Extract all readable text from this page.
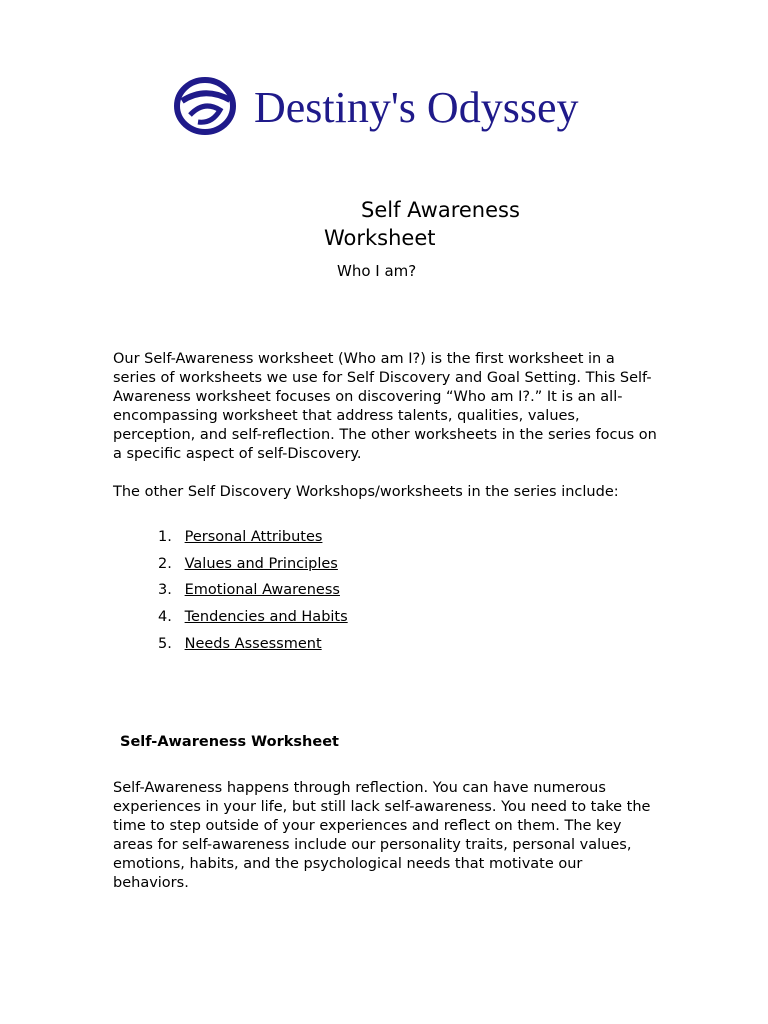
Destiny's Odyssey
Self Awareness
Worksheet

Who I am?

Our Self-Awareness worksheet (Who am I?) is the first worksheet in a series of worksheets we use for Self Discovery and Goal Setting. This Self-Awareness worksheet focuses on discovering “Who am I?.” It is an all-encompassing worksheet that address talents, qualities, values, perception, and self-reflection. The other worksheets in the series focus on a specific aspect of self-Discovery.

The other Self Discovery Workshops/worksheets in the series include:

1. Personal Attributes
2. Values and Principles
3. Emotional Awareness
4. Tendencies and Habits
5. Needs Assessment
Self-Awareness Worksheet

Self-Awareness happens through reflection. You can have numerous experiences in your life, but still lack self-awareness. You need to take the time to step outside of your experiences and reflect on them. The key areas for self-awareness include our personality traits, personal values, emotions, habits, and the psychological needs that motivate our behaviors.
